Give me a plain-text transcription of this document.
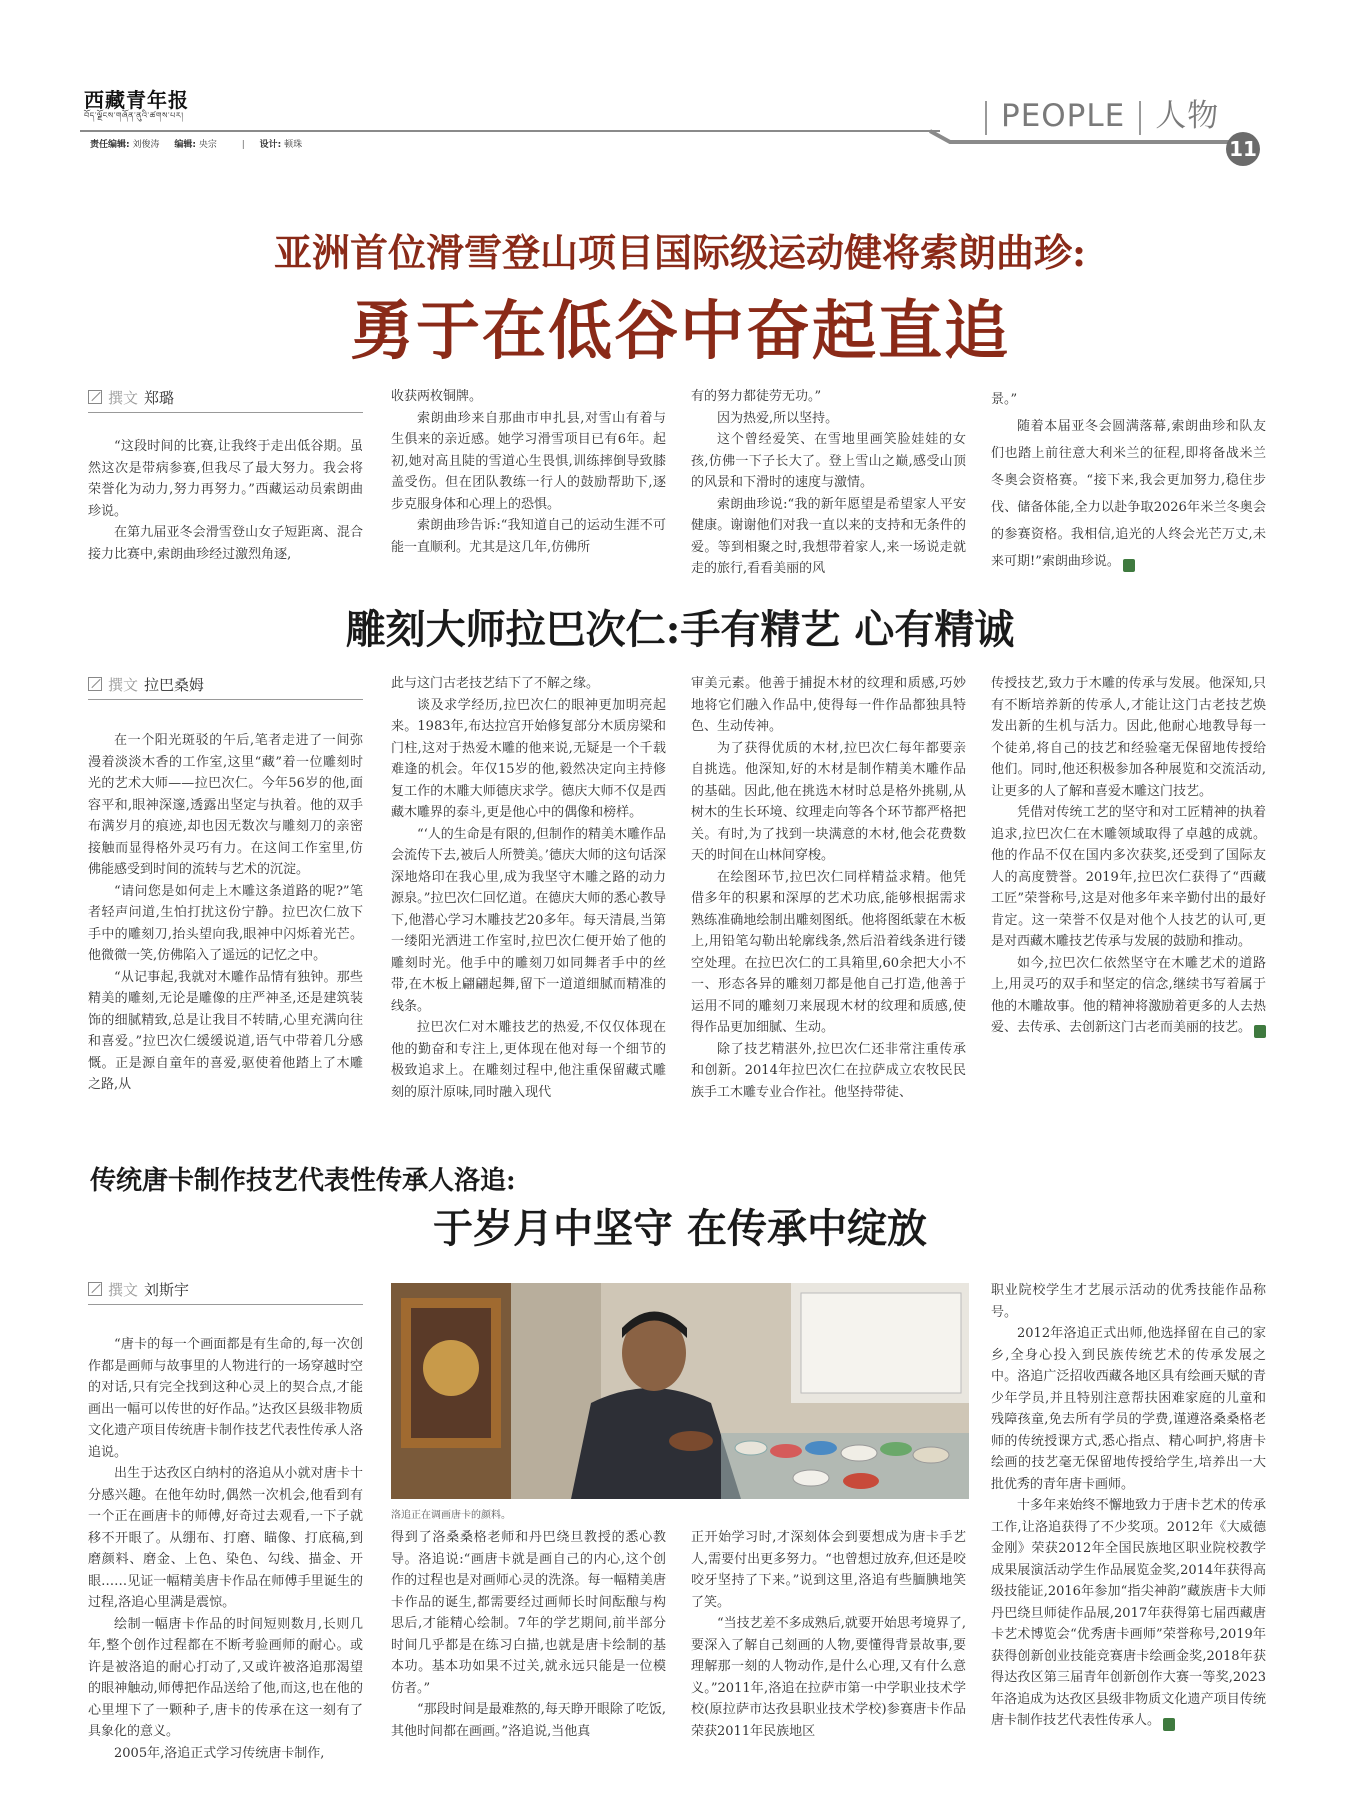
西藏青年报
བོད་ལྗོངས་གཞོན་ནུའི་ཚགས་པར།
责任编辑: 刘俊涛 编辑: 央宗	| 设计: 顿珠
PEOPLE 人物
11
亚洲首位滑雪登山项目国际级运动健将索朗曲珍:
勇于在低谷中奋起直追
撰文 郑璐

“这段时间的比赛,让我终于走出低谷期。虽然这次是带病参赛,但我尽了最大努力。我会将荣誉化为动力,努力再努力。”西藏运动员索朗曲珍说。

在第九届亚冬会滑雪登山女子短距离、混合接力比赛中,索朗曲珍经过激烈角逐,

收获两枚铜牌。

索朗曲珍来自那曲市申扎县,对雪山有着与生俱来的亲近感。她学习滑雪项目已有6年。起初,她对高且陡的雪道心生畏惧,训练摔倒导致膝盖受伤。但在团队教练一行人的鼓励帮助下,逐步克服身体和心理上的恐惧。

索朗曲珍告诉:“我知道自己的运动生涯不可能一直顺利。尤其是这几年,仿佛所

有的努力都徒劳无功。”

因为热爱,所以坚持。

这个曾经爱笑、在雪地里画笑脸娃娃的女孩,仿佛一下子长大了。登上雪山之巅,感受山顶的风景和下滑时的速度与激情。

索朗曲珍说:“我的新年愿望是希望家人平安健康。谢谢他们对我一直以来的支持和无条件的爱。等到相聚之时,我想带着家人,来一场说走就走的旅行,看看美丽的风

景。”

随着本届亚冬会圆满落幕,索朗曲珍和队友们也踏上前往意大利米兰的征程,即将备战米兰冬奥会资格赛。“接下来,我会更加努力,稳住步伐、储备体能,全力以赴争取2026年米兰冬奥会的参赛资格。我相信,追光的人终会光芒万丈,未来可期!”索朗曲珍说。	◆

雕刻大师拉巴次仁:手有精艺 心有精诚
撰文 拉巴桑姆

在一个阳光斑驳的午后,笔者走进了一间弥漫着淡淡木香的工作室,这里“藏”着一位雕刻时光的艺术大师——拉巴次仁。今年56岁的他,面容平和,眼神深邃,透露出坚定与执着。他的双手布满岁月的痕迹,却也因无数次与雕刻刀的亲密接触而显得格外灵巧有力。在这间工作室里,仿佛能感受到时间的流转与艺术的沉淀。

“请问您是如何走上木雕这条道路的呢?”笔者轻声问道,生怕打扰这份宁静。拉巴次仁放下手中的雕刻刀,抬头望向我,眼神中闪烁着光芒。他微微一笑,仿佛陷入了遥远的记忆之中。

“从记事起,我就对木雕作品情有独钟。那些精美的雕刻,无论是雕像的庄严神圣,还是建筑装饰的细腻精致,总是让我目不转睛,心里充满向往和喜爱。”拉巴次仁缓缓说道,语气中带着几分感慨。正是源自童年的喜爱,驱使着他踏上了木雕之路,从

此与这门古老技艺结下了不解之缘。

谈及求学经历,拉巴次仁的眼神更加明亮起来。1983年,布达拉宫开始修复部分木质房梁和门柱,这对于热爱木雕的他来说,无疑是一个千载难逢的机会。年仅15岁的他,毅然决定向主持修复工作的木雕大师德庆求学。德庆大师不仅是西藏木雕界的泰斗,更是他心中的偶像和榜样。

“‘人的生命是有限的,但制作的精美木雕作品会流传下去,被后人所赞美。’德庆大师的这句话深深地烙印在我心里,成为我坚守木雕之路的动力源泉。”拉巴次仁回忆道。在德庆大师的悉心教导下,他潜心学习木雕技艺20多年。每天清晨,当第一缕阳光洒进工作室时,拉巴次仁便开始了他的雕刻时光。他手中的雕刻刀如同舞者手中的丝带,在木板上翩翩起舞,留下一道道细腻而精准的线条。

拉巴次仁对木雕技艺的热爱,不仅仅体现在他的勤奋和专注上,更体现在他对每一个细节的极致追求上。在雕刻过程中,他注重保留藏式雕刻的原汁原味,同时融入现代

审美元素。他善于捕捉木材的纹理和质感,巧妙地将它们融入作品中,使得每一件作品都独具特色、生动传神。

为了获得优质的木材,拉巴次仁每年都要亲自挑选。他深知,好的木材是制作精美木雕作品的基础。因此,他在挑选木材时总是格外挑剔,从树木的生长环境、纹理走向等各个环节都严格把关。有时,为了找到一块满意的木材,他会花费数天的时间在山林间穿梭。

在绘图环节,拉巴次仁同样精益求精。他凭借多年的积累和深厚的艺术功底,能够根据需求熟练准确地绘制出雕刻图纸。他将图纸蒙在木板上,用铅笔勾勒出轮廓线条,然后沿着线条进行镂空处理。在拉巴次仁的工具箱里,60余把大小不一、形态各异的雕刻刀都是他自己打造,他善于运用不同的雕刻刀来展现木材的纹理和质感,使得作品更加细腻、生动。

除了技艺精湛外,拉巴次仁还非常注重传承和创新。2014年拉巴次仁在拉萨成立农牧民民族手工木雕专业合作社。他坚持带徒、

传授技艺,致力于木雕的传承与发展。他深知,只有不断培养新的传承人,才能让这门古老技艺焕发出新的生机与活力。因此,他耐心地教导每一个徒弟,将自己的技艺和经验毫无保留地传授给他们。同时,他还积极参加各种展览和交流活动,让更多的人了解和喜爱木雕这门技艺。

凭借对传统工艺的坚守和对工匠精神的执着追求,拉巴次仁在木雕领域取得了卓越的成就。他的作品不仅在国内多次获奖,还受到了国际友人的高度赞誉。2019年,拉巴次仁获得了“西藏工匠”荣誉称号,这是对他多年来辛勤付出的最好肯定。这一荣誉不仅是对他个人技艺的认可,更是对西藏木雕技艺传承与发展的鼓励和推动。

如今,拉巴次仁依然坚守在木雕艺术的道路上,用灵巧的双手和坚定的信念,继续书写着属于他的木雕故事。他的精神将激励着更多的人去热爱、去传承、去创新这门古老而美丽的技艺。	◆

传统唐卡制作技艺代表性传承人洛追:
于岁月中坚守 在传承中绽放
撰文 刘斯宇
洛追正在调画唐卡的颜料。

“唐卡的每一个画面都是有生命的,每一次创作都是画师与故事里的人物进行的一场穿越时空的对话,只有完全找到这种心灵上的契合点,才能画出一幅可以传世的好作品。”达孜区县级非物质文化遗产项目传统唐卡制作技艺代表性传承人洛追说。

出生于达孜区白纳村的洛追从小就对唐卡十分感兴趣。在他年幼时,偶然一次机会,他看到有一个正在画唐卡的师傅,好奇过去观看,一下子就移不开眼了。从绷布、打磨、瞄像、打底稿,到磨颜料、磨金、上色、染色、勾线、描金、开眼……见证一幅精美唐卡作品在师傅手里诞生的过程,洛追心里满是震惊。

绘制一幅唐卡作品的时间短则数月,长则几年,整个创作过程都在不断考验画师的耐心。或许是被洛追的耐心打动了,又或许被洛追那渴望的眼神触动,师傅把作品送给了他,而这,也在他的心里埋下了一颗种子,唐卡的传承在这一刻有了具象化的意义。

2005年,洛追正式学习传统唐卡制作,

得到了洛桑桑格老师和丹巴绕旦教授的悉心教导。洛追说:“画唐卡就是画自己的内心,这个创作的过程也是对画师心灵的洗涤。每一幅精美唐卡作品的诞生,都需要经过画师长时间酝酿与构思后,才能精心绘制。7年的学艺期间,前半部分时间几乎都是在练习白描,也就是唐卡绘制的基本功。基本功如果不过关,就永远只能是一位模仿者。”

“那段时间是最难熬的,每天睁开眼除了吃饭,其他时间都在画画。”洛追说,当他真

正开始学习时,才深刻体会到要想成为唐卡手艺人,需要付出更多努力。“也曾想过放弃,但还是咬咬牙坚持了下来。”说到这里,洛追有些腼腆地笑了笑。

“当技艺差不多成熟后,就要开始思考境界了,要深入了解自己刻画的人物,要懂得背景故事,要理解那一刻的人物动作,是什么心理,又有什么意义。”2011年,洛追在拉萨市第一中学职业技术学校(原拉萨市达孜县职业技术学校)参赛唐卡作品荣获2011年民族地区

职业院校学生才艺展示活动的优秀技能作品称号。

2012年洛追正式出师,他选择留在自己的家乡,全身心投入到民族传统艺术的传承发展之中。洛追广泛招收西藏各地区具有绘画天赋的青少年学员,并且特别注意帮扶困难家庭的儿童和残障孩童,免去所有学员的学费,谨遵洛桑桑格老师的传统授课方式,悉心指点、精心呵护,将唐卡绘画的技艺毫无保留地传授给学生,培养出一大批优秀的青年唐卡画师。

十多年来始终不懈地致力于唐卡艺术的传承工作,让洛追获得了不少奖项。2012年《大威德金刚》荣获2012年全国民族地区职业院校教学成果展演活动学生作品展览金奖,2014年获得高级技能证,2016年参加“指尖神韵”藏族唐卡大师丹巴绕旦师徒作品展,2017年获得第七届西藏唐卡艺术博览会“优秀唐卡画师”荣誉称号,2019年获得创新创业技能竞赛唐卡绘画金奖,2018年获得达孜区第三届青年创新创作大赛一等奖,2023年洛追成为达孜区县级非物质文化遗产项目传统唐卡制作技艺代表性传承人。	◆
